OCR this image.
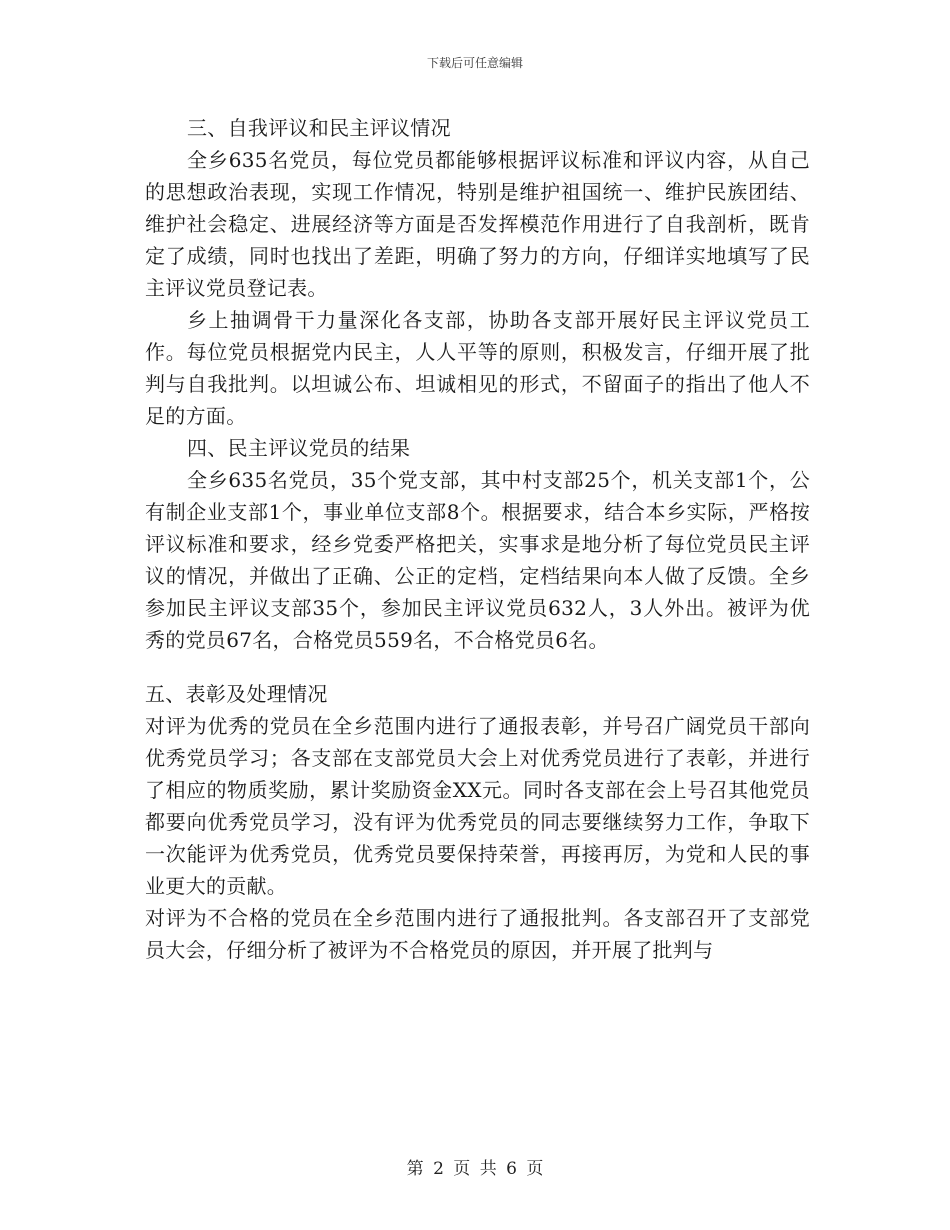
下载后可任意编辑

三、自我评议和民主评议情况

全乡635名党员，每位党员都能够根据评议标准和评议内容，从自己的思想政治表现，实现工作情况，特别是维护祖国统一、维护民族团结、维护社会稳定、进展经济等方面是否发挥模范作用进行了自我剖析，既肯定了成绩，同时也找出了差距，明确了努力的方向，仔细详实地填写了民主评议党员登记表。

乡上抽调骨干力量深化各支部，协助各支部开展好民主评议党员工作。每位党员根据党内民主，人人平等的原则，积极发言，仔细开展了批判与自我批判。以坦诚公布、坦诚相见的形式，不留面子的指出了他人不足的方面。

四、民主评议党员的结果

全乡635名党员，35个党支部，其中村支部25个，机关支部1个，公有制企业支部1个，事业单位支部8个。根据要求，结合本乡实际，严格按评议标准和要求，经乡党委严格把关，实事求是地分析了每位党员民主评议的情况，并做出了正确、公正的定档，定档结果向本人做了反馈。全乡参加民主评议支部35个，参加民主评议党员632人，3人外出。被评为优秀的党员67名，合格党员559名，不合格党员6名。

五、表彰及处理情况

对评为优秀的党员在全乡范围内进行了通报表彰，并号召广阔党员干部向优秀党员学习；各支部在支部党员大会上对优秀党员进行了表彰，并进行了相应的物质奖励，累计奖励资金XX元。同时各支部在会上号召其他党员都要向优秀党员学习，没有评为优秀党员的同志要继续努力工作，争取下一次能评为优秀党员，优秀党员要保持荣誉，再接再厉，为党和人民的事业更大的贡献。

对评为不合格的党员在全乡范围内进行了通报批判。各支部召开了支部党员大会，仔细分析了被评为不合格党员的原因，并开展了批判与

第 2 页 共 6 页
